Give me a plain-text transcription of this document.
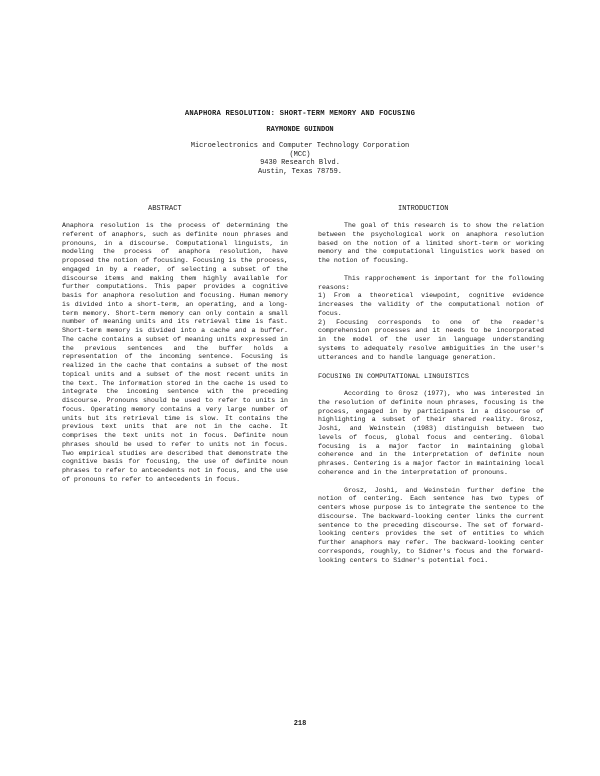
ANAPHORA RESOLUTION: SHORT-TERM MEMORY AND FOCUSING
RAYMONDE GUINDON
Microelectronics and Computer Technology Corporation
(MCC)
9430 Research Blvd.
Austin, Texas 78759.
ABSTRACT	INTRODUCTION

Anaphora resolution is the process of determining the referent of anaphors, such as definite noun phrases and pronouns, in a discourse. Computational linguists, in modeling the process of anaphora resolution, have proposed the notion of focusing. Focusing is the process, engaged in by a reader, of selecting a subset of the discourse items and making them highly available for further computations. This paper provides a cognitive basis for anaphora resolution and focusing. Human memory is divided into a short-term, an operating, and a long-term memory. Short-term memory can only contain a small number of meaning units and its retrieval time is fast. Short-term memory is divided into a cache and a buffer. The cache contains a subset of meaning units expressed in the previous sentences and the buffer holds a representation of the incoming sentence. Focusing is realized in the cache that contains a subset of the most topical units and a subset of the most recent units in the text. The information stored in the cache is used to integrate the incoming sentence with the preceding discourse. Pronouns should be used to refer to units in focus. Operating memory contains a very large number of units but its retrieval time is slow. It contains the previous text units that are not in the cache. It comprises the text units not in focus. Definite noun phrases should be used to refer to units not in focus. Two empirical studies are described that demonstrate the cognitive basis for focusing, the use of definite noun phrases to refer to antecedents not in focus, and the use of pronouns to refer to antecedents in focus.

The goal of this research is to show the relation between the psychological work on anaphora resolution based on the notion of a limited short-term or working memory and the computational linguistics work based on the notion of focusing.

This rapprochement is important for the following reasons:

1) From a theoretical viewpoint, cognitive evidence increases the validity of the computational notion of focus.

2) Focusing corresponds to one of the reader's comprehension processes and it needs to be incorporated in the model of the user in language understanding systems to adequately resolve ambiguities in the user's utterances and to handle language generation.

FOCUSING IN COMPUTATIONAL LINGUISTICS

According to Grosz (1977), who was interested in the resolution of definite noun phrases, focusing is the process, engaged in by participants in a discourse of highlighting a subset of their shared reality. Grosz, Joshi, and Weinstein (1983) distinguish between two levels of focus, global focus and centering. Global focusing is a major factor in maintaining global coherence and in the interpretation of definite noun phrases. Centering is a major factor in maintaining local coherence and in the interpretation of pronouns.

Grosz, Joshi, and Weinstein further define the notion of centering. Each sentence has two types of centers whose purpose is to integrate the sentence to the discourse. The backward-looking center links the current sentence to the preceding discourse. The set of forward-looking centers provides the set of entities to which further anaphors may refer. The backward-looking center corresponds, roughly, to Sidner's focus and the forward-looking centers to Sidner's potential foci.

218
